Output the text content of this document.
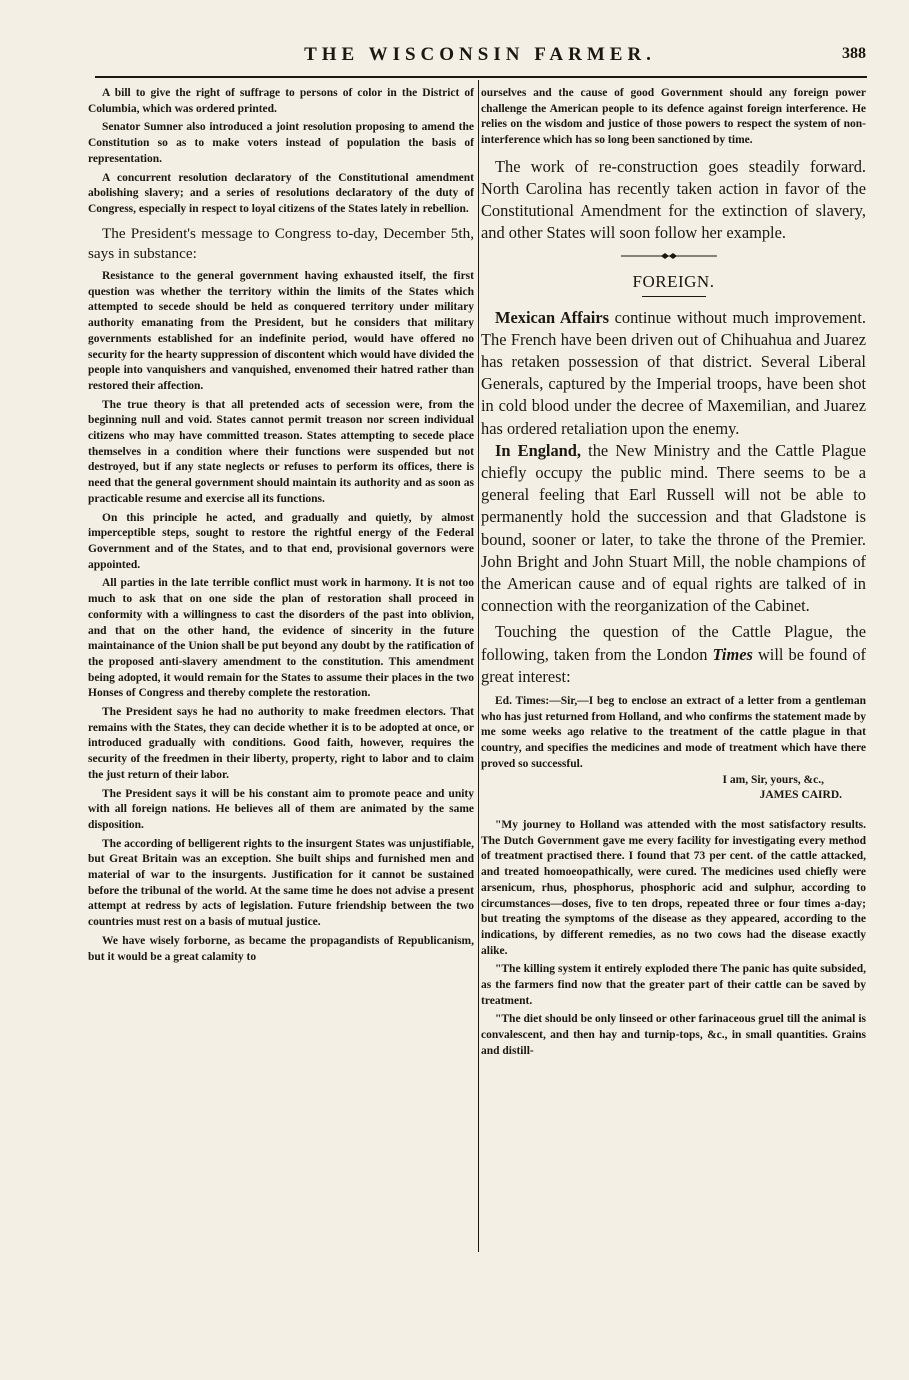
THE WISCONSIN FARMER.	388

A bill to give the right of suffrage to persons of color in the District of Columbia, which was ordered printed.

Senator Sumner also introduced a joint resolution proposing to amend the Constitution so as to make voters instead of population the basis of representation.

A concurrent resolution declaratory of the Constitutional amendment abolishing slavery; and a series of resolutions declaratory of the duty of Congress, especially in respect to loyal citizens of the States lately in rebellion.

The President's message to Congress to-day, December 5th, says in substance:

Resistance to the general government having exhausted itself, the first question was whether the territory within the limits of the States which attempted to secede should be held as conquered territory under military authority emanating from the President, but he considers that military governments established for an indefinite period, would have offered no security for the hearty suppression of discontent which would have divided the people into vanquishers and vanquished, envenomed their hatred rather than restored their affection.

The true theory is that all pretended acts of secession were, from the beginning null and void. States cannot permit treason nor screen individual citizens who may have committed treason. States attempting to secede place themselves in a condition where their functions were suspended but not destroyed, but if any state neglects or refuses to perform its offices, there is need that the general government should maintain its authority and as soon as practicable resume and exercise all its functions.

On this principle he acted, and gradually and quietly, by almost imperceptible steps, sought to restore the rightful energy of the Federal Government and of the States, and to that end, provisional governors were appointed.

All parties in the late terrible conflict must work in harmony. It is not too much to ask that on one side the plan of restoration shall proceed in conformity with a willingness to cast the disorders of the past into oblivion, and that on the other hand, the evidence of sincerity in the future maintainance of the Union shall be put beyond any doubt by the ratification of the proposed anti-slavery amendment to the constitution. This amendment being adopted, it would remain for the States to assume their places in the two Honses of Congress and thereby complete the restoration.

The President says he had no authority to make freedmen electors. That remains with the States, they can decide whether it is to be adopted at once, or introduced gradually with conditions. Good faith, however, requires the security of the freedmen in their liberty, property, right to labor and to claim the just return of their labor.

The President says it will be his constant aim to promote peace and unity with all foreign nations. He believes all of them are animated by the same disposition.

The according of belligerent rights to the insurgent States was unjustifiable, but Great Britain was an exception. She built ships and furnished men and material of war to the insurgents. Justification for it cannot be sustained before the tribunal of the world. At the same time he does not advise a present attempt at redress by acts of legislation. Future friendship between the two countries must rest on a basis of mutual justice.

We have wisely forborne, as became the propagandists of Republicanism, but it would be a great calamity to

ourselves and the cause of good Government should any foreign power challenge the American people to its defence against foreign interference. He relies on the wisdom and justice of those powers to respect the system of non-interference which has so long been sanctioned by time.

The work of re-construction goes steadily forward. North Carolina has recently taken action in favor of the Constitutional Amendment for the extinction of slavery, and other States will soon follow her example.

FOREIGN.

Mexican Affairs continue without much improvement. The French have been driven out of Chihuahua and Juarez has retaken possession of that district. Several Liberal Generals, captured by the Imperial troops, have been shot in cold blood under the decree of Maxemilian, and Juarez has ordered retaliation upon the enemy.

In England, the New Ministry and the Cattle Plague chiefly occupy the public mind. There seems to be a general feeling that Earl Russell will not be able to permanently hold the succession and that Gladstone is bound, sooner or later, to take the throne of the Premier. John Bright and John Stuart Mill, the noble champions of the American cause and of equal rights are talked of in connection with the reorganization of the Cabinet.

Touching the question of the Cattle Plague, the following, taken from the London Times will be found of great interest:

Ed. Times:—Sir,—I beg to enclose an extract of a letter from a gentleman who has just returned from Holland, and who confirms the statement made by me some weeks ago relative to the treatment of the cattle plague in that country, and specifies the medicines and mode of treatment which have there proved so successful.

I am, Sir, yours, &c.,

JAMES CAIRD.

"My journey to Holland was attended with the most satisfactory results. The Dutch Government gave me every facility for investigating every method of treatment practised there. I found that 73 per cent. of the cattle attacked, and treated homoeopathically, were cured. The medicines used chiefly were arsenicum, rhus, phosphorus, phosphoric acid and sulphur, according to circumstances—doses, five to ten drops, repeated three or four times a-day; but treating the symptoms of the disease as they appeared, according to the indications, by different remedies, as no two cows had the disease exactly alike.

"The killing system it entirely exploded there The panic has quite subsided, as the farmers find now that the greater part of their cattle can be saved by treatment.

"The diet should be only linseed or other farinaceous gruel till the animal is convalescent, and then hay and turnip-tops, &c., in small quantities. Grains and distill-
